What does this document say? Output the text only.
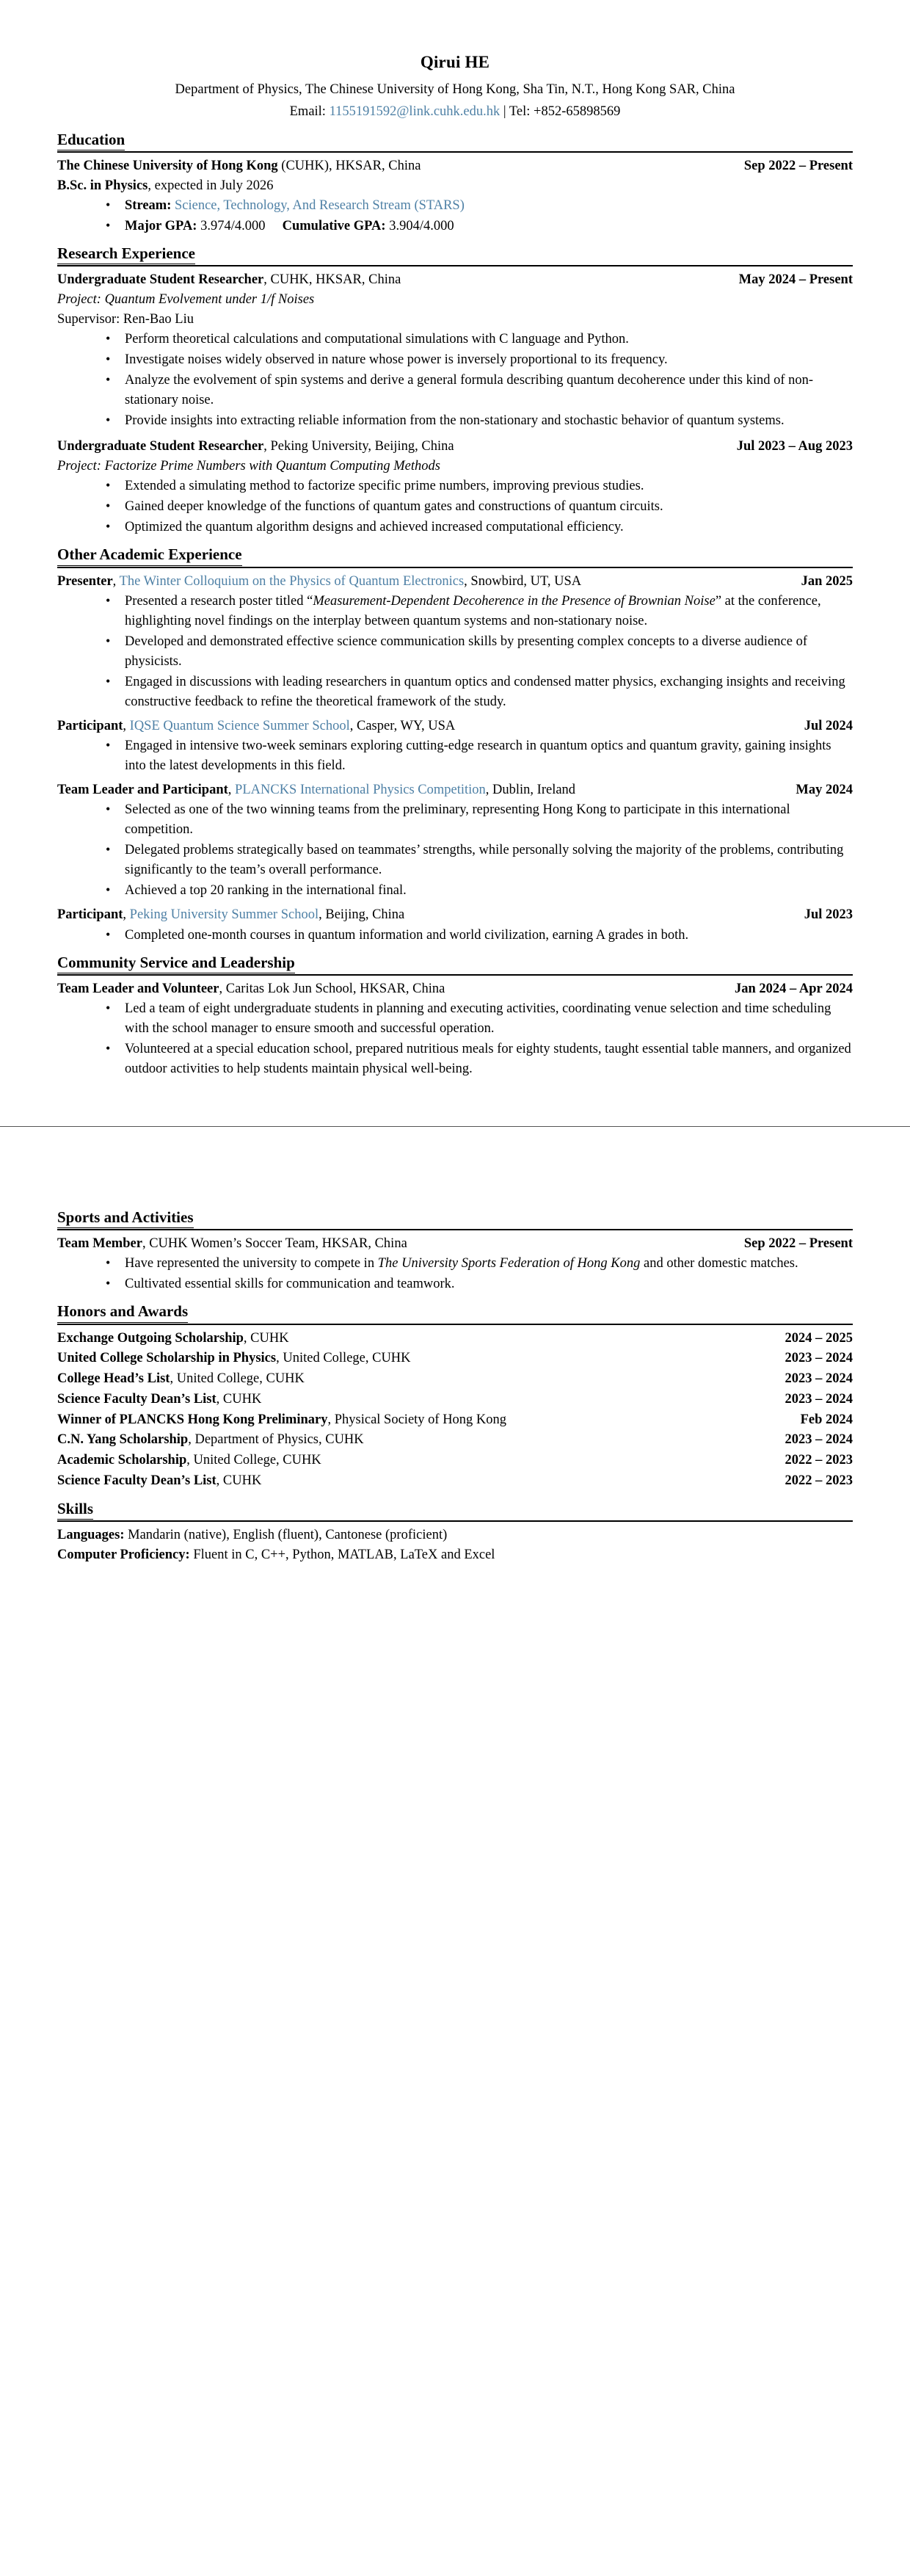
Qirui HE
Department of Physics, The Chinese University of Hong Kong, Sha Tin, N.T., Hong Kong SAR, China
Email: 1155191592@link.cuhk.edu.hk | Tel: +852-65898569
Education
The Chinese University of Hong Kong (CUHK), HKSAR, China	Sep 2022 – Present
B.Sc. in Physics, expected in July 2026
• Stream: Science, Technology, And Research Stream (STARS)
• Major GPA: 3.974/4.000 Cumulative GPA: 3.904/4.000
Research Experience
Undergraduate Student Researcher, CUHK, HKSAR, China	May 2024 – Present
Project: Quantum Evolvement under 1/f Noises
Supervisor: Ren-Bao Liu
• Perform theoretical calculations and computational simulations with C language and Python.
• Investigate noises widely observed in nature whose power is inversely proportional to its frequency.
• Analyze the evolvement of spin systems and derive a general formula describing quantum decoherence under this kind of non-stationary noise.
• Provide insights into extracting reliable information from the non-stationary and stochastic behavior of quantum systems.
Undergraduate Student Researcher, Peking University, Beijing, China	Jul 2023 – Aug 2023
Project: Factorize Prime Numbers with Quantum Computing Methods
• Extended a simulating method to factorize specific prime numbers, improving previous studies.
• Gained deeper knowledge of the functions of quantum gates and constructions of quantum circuits.
• Optimized the quantum algorithm designs and achieved increased computational efficiency.
Other Academic Experience
Presenter, The Winter Colloquium on the Physics of Quantum Electronics, Snowbird, UT, USA	Jan 2025
• Presented a research poster titled “Measurement-Dependent Decoherence in the Presence of Brownian Noise” at the conference, highlighting novel findings on the interplay between quantum systems and non-stationary noise.
• Developed and demonstrated effective science communication skills by presenting complex concepts to a diverse audience of physicists.
• Engaged in discussions with leading researchers in quantum optics and condensed matter physics, exchanging insights and receiving constructive feedback to refine the theoretical framework of the study.
Participant, IQSE Quantum Science Summer School, Casper, WY, USA	Jul 2024
• Engaged in intensive two-week seminars exploring cutting-edge research in quantum optics and quantum gravity, gaining insights into the latest developments in this field.
Team Leader and Participant, PLANCKS International Physics Competition, Dublin, Ireland	May 2024
• Selected as one of the two winning teams from the preliminary, representing Hong Kong to participate in this international competition.
• Delegated problems strategically based on teammates’ strengths, while personally solving the majority of the problems, contributing significantly to the team’s overall performance.
• Achieved a top 20 ranking in the international final.
Participant, Peking University Summer School, Beijing, China	Jul 2023
• Completed one-month courses in quantum information and world civilization, earning A grades in both.
Community Service and Leadership
Team Leader and Volunteer, Caritas Lok Jun School, HKSAR, China	Jan 2024 – Apr 2024
• Led a team of eight undergraduate students in planning and executing activities, coordinating venue selection and time scheduling with the school manager to ensure smooth and successful operation.
• Volunteered at a special education school, prepared nutritious meals for eighty students, taught essential table manners, and organized outdoor activities to help students maintain physical well-being.
Sports and Activities
Team Member, CUHK Women’s Soccer Team, HKSAR, China	Sep 2022 – Present
• Have represented the university to compete in The University Sports Federation of Hong Kong and other domestic matches.
• Cultivated essential skills for communication and teamwork.
Honors and Awards
Exchange Outgoing Scholarship, CUHK	2024 – 2025
United College Scholarship in Physics, United College, CUHK	2023 – 2024
College Head’s List, United College, CUHK	2023 – 2024
Science Faculty Dean’s List, CUHK	2023 – 2024
Winner of PLANCKS Hong Kong Preliminary, Physical Society of Hong Kong	Feb 2024
C.N. Yang Scholarship, Department of Physics, CUHK	2023 – 2024
Academic Scholarship, United College, CUHK	2022 – 2023
Science Faculty Dean’s List, CUHK	2022 – 2023
Skills
Languages: Mandarin (native), English (fluent), Cantonese (proficient)
Computer Proficiency: Fluent in C, C++, Python, MATLAB, LaTeX and Excel
